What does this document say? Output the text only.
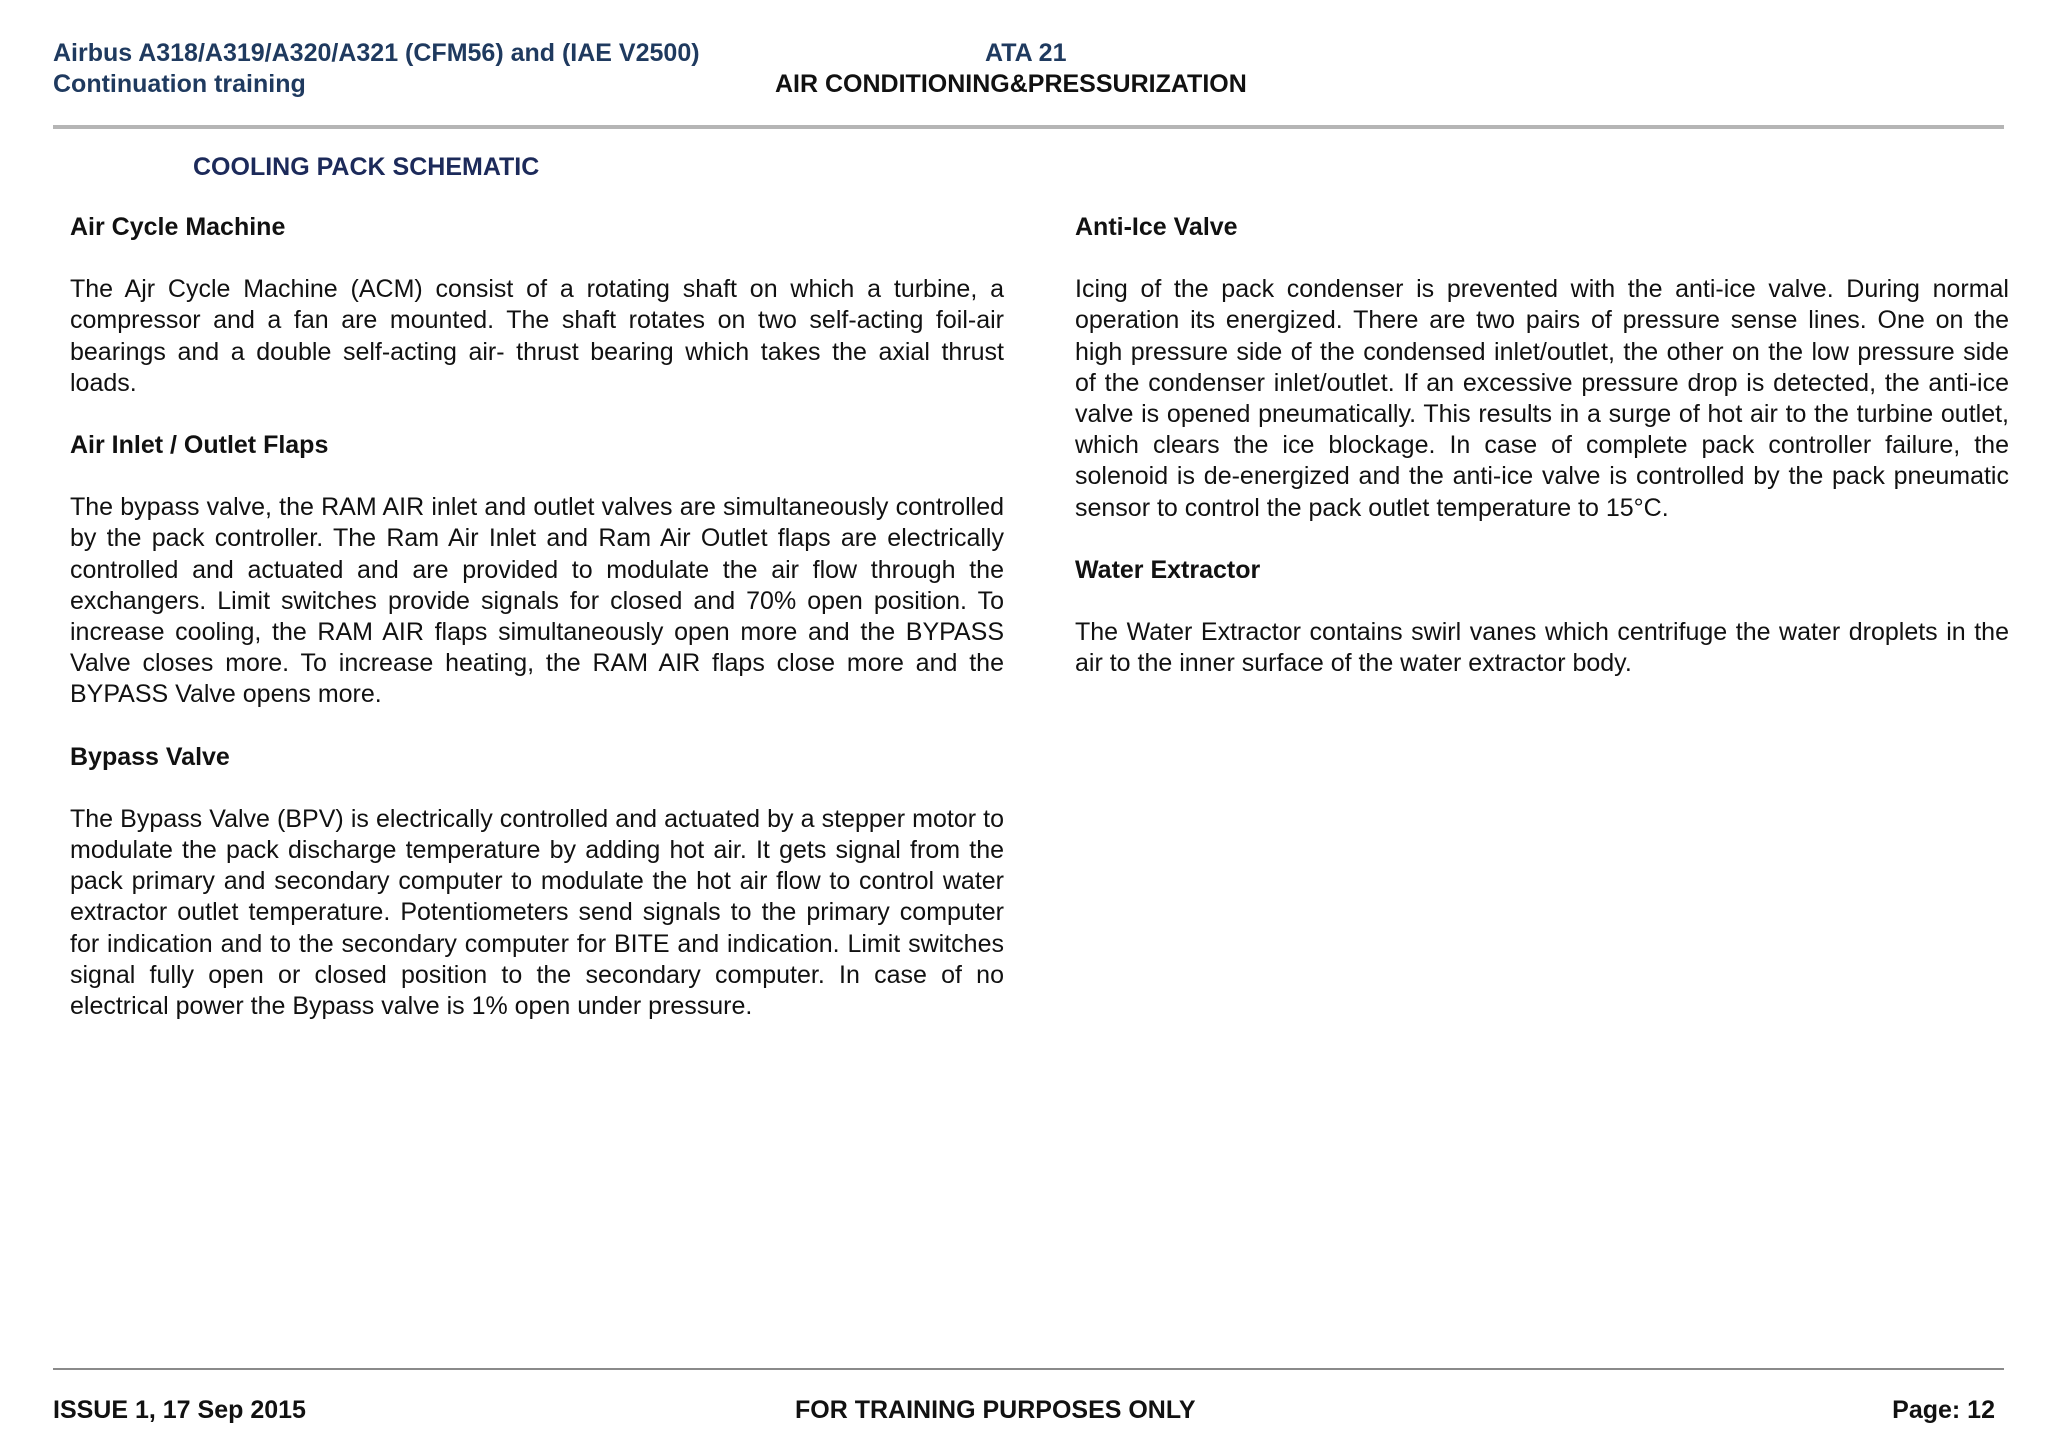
Airbus A318/A319/A320/A321 (CFM56) and (IAE V2500)
Continuation training
ATA 21
AIR CONDITIONING&PRESSURIZATION
COOLING PACK SCHEMATIC
Air Cycle Machine
The Ajr Cycle Machine (ACM) consist of a rotating shaft on which a turbine, a compressor and a fan are mounted. The shaft rotates on two self-acting foil-air bearings and a double self-acting air- thrust bearing which takes the axial thrust loads.
Air Inlet / Outlet Flaps
The bypass valve, the RAM AIR inlet and outlet valves are simultaneously controlled by the pack controller. The Ram Air Inlet and Ram Air Outlet flaps are electrically controlled and actuated and are provided to modulate the air flow through the exchangers. Limit switches provide signals for closed and 70% open position. To increase cooling, the RAM AIR flaps simultaneously open more and the BYPASS Valve closes more. To increase heating, the RAM AIR flaps close more and the BYPASS Valve opens more.
Bypass Valve
The Bypass Valve (BPV) is electrically controlled and actuated by a stepper motor to modulate the pack discharge temperature by adding hot air. It gets signal from the pack primary and secondary computer to modulate the hot air flow to control water extractor outlet temperature. Potentiometers send signals to the primary computer for indication and to the secondary computer for BITE and indication. Limit switches signal fully open or closed position to the secondary computer. In case of no electrical power the Bypass valve is 1% open under pressure.
Anti-Ice Valve
Icing of the pack condenser is prevented with the anti-ice valve. During normal operation its energized. There are two pairs of pressure sense lines. One on the high pressure side of the condensed inlet/outlet, the other on the low pressure side of the condenser inlet/outlet. If an excessive pressure drop is detected, the anti-ice valve is opened pneumatically. This results in a surge of hot air to the turbine outlet, which clears the ice blockage. In case of complete pack controller failure, the solenoid is de-energized and the anti-ice valve is controlled by the pack pneumatic sensor to control the pack outlet temperature to 15°C.
Water Extractor
The Water Extractor contains swirl vanes which centrifuge the water droplets in the air to the inner surface of the water extractor body.
ISSUE 1, 17 Sep 2015	FOR TRAINING PURPOSES ONLY	Page: 12
